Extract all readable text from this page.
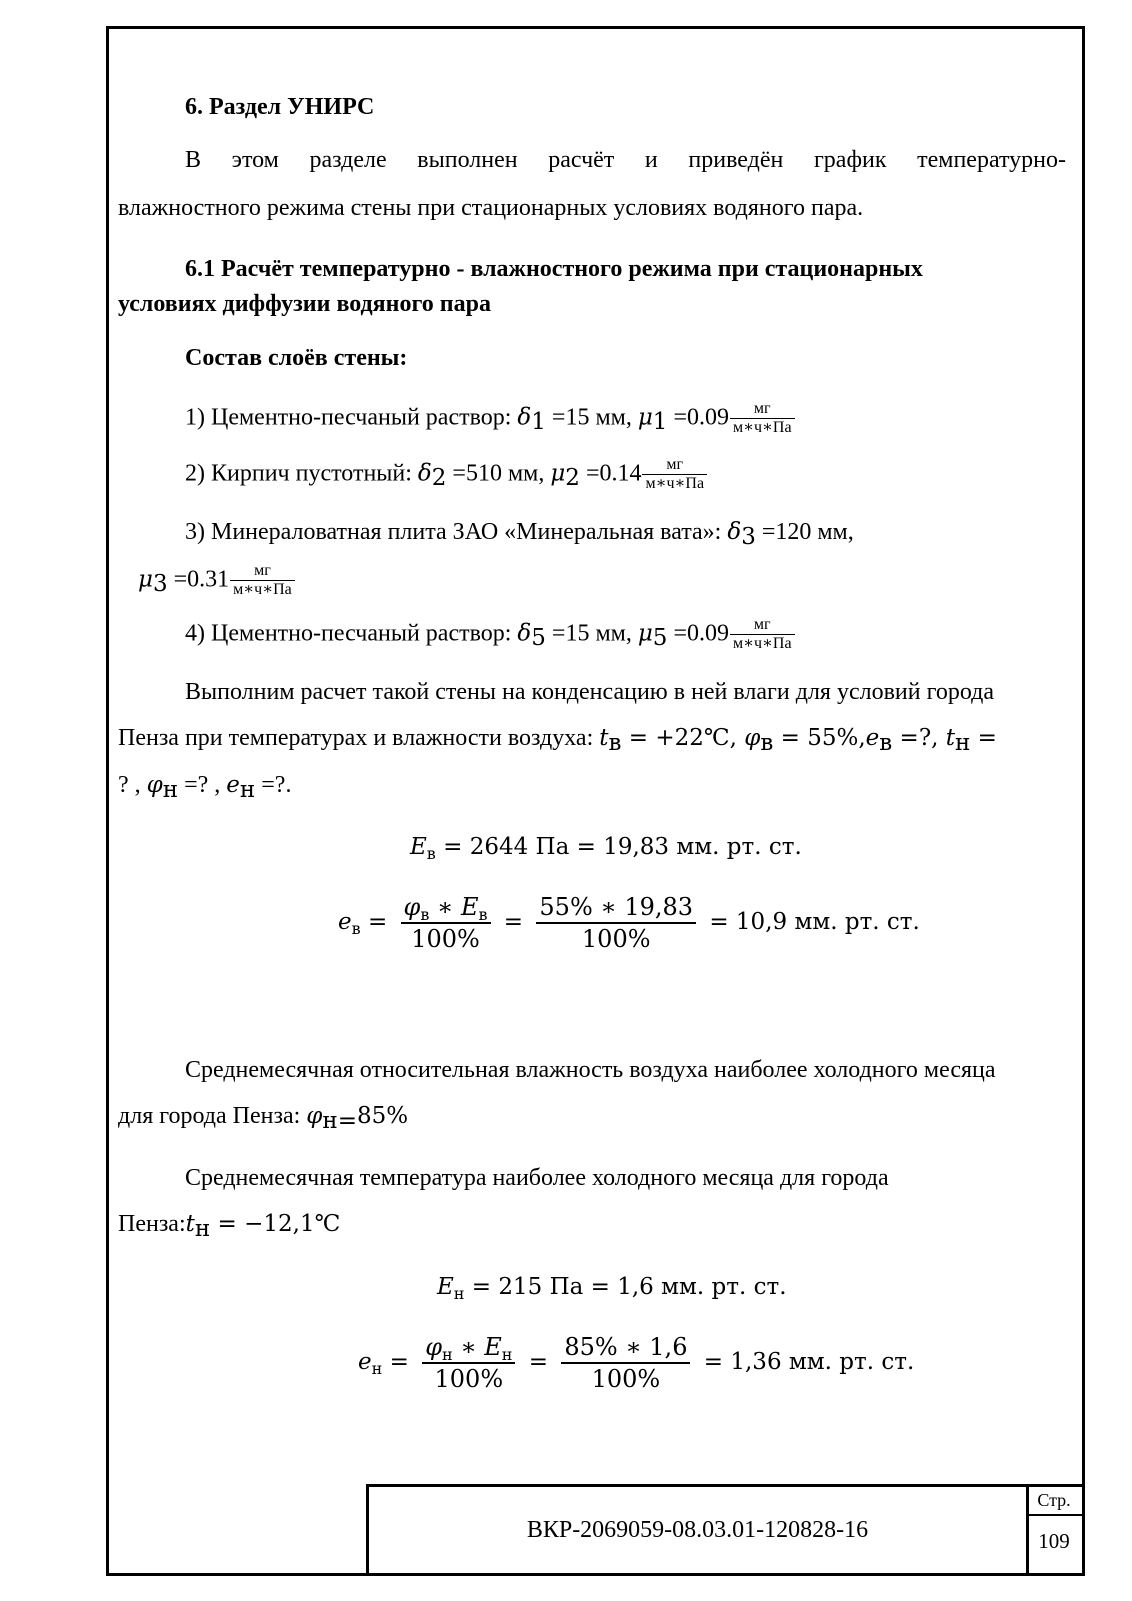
6. Раздел УНИРС
В этом разделе выполнен расчёт и приведён график температурно-
влажностного режима стены при стационарных условиях водяного пара.
6.1 Расчёт температурно - влажностного режима при стационарных
условиях диффузии водяного пара
Состав слоёв стены:
1) Цементно-песчаный раствор: δ1 =15 мм, $\mu 1 =0.09 \frac{мг}{м∗ч∗Па}$
2) Кирпич пустотный: δ2 =510 мм, $\mu 2 =0.14 \frac{мг}{м∗ч∗Па}$
3) Минераловатная плита ЗАО «Минеральная вата»: δ3 =120 мм,
$\mu 3 =0.31 \frac{мг}{м∗ч∗Па}$
4) Цементно-песчаный раствор: δ5 =15 мм, $\mu 5 =0.09 \frac{мг}{м∗ч∗Па}$
Выполним расчет такой стены на конденсацию в ней влаги для условий города
Пенза при температурах и влажности воздуха: tв = +22℃, φв = 55%,eв =?, tн =
? , φн =? , eн =?.
$E_в = 2644$ Па = 19,83 мм. рт. ст.
$e_в = \frac{\varphi_в ∗ E_в}{100\%} = \frac{55\% ∗ 19,83}{100\%} = 10,9$ мм. рт. ст.
Среднемесячная относительная влажность воздуха наиболее холодного месяца
для города Пенза: φн=85%
Среднемесячная температура наиболее холодного месяца для города
Пенза:tн = −12,1℃
$E_н = 215$ Па = 1,6 мм. рт. ст.
$e_н = \frac{\varphi_н ∗ E_н}{100\%} = \frac{85\% ∗ 1,6}{100\%} = 1,36$ мм. рт. ст.
ВКР-2069059-08.03.01-120828-16
Стр.
109
